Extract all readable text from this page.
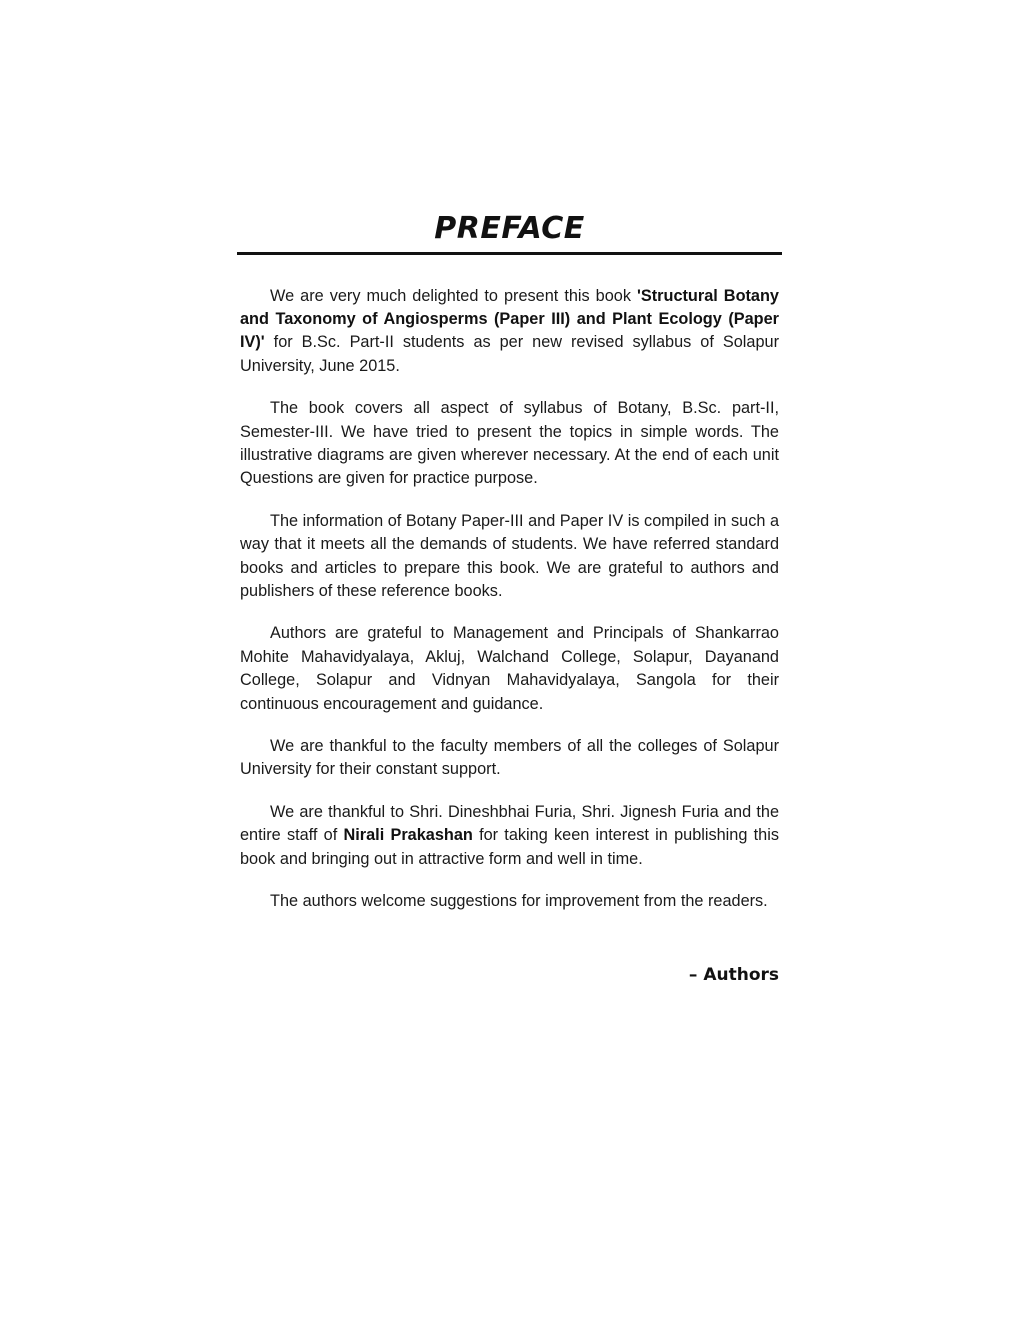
PREFACE

We are very much delighted to present this book 'Structural Botany and Taxonomy of Angiosperms (Paper III) and Plant Ecology (Paper IV)' for B.Sc. Part-II students as per new revised syllabus of Solapur University, June 2015.

The book covers all aspect of syllabus of Botany, B.Sc. part-II, Semester-III. We have tried to present the topics in simple words. The illustrative diagrams are given wherever necessary. At the end of each unit Questions are given for practice purpose.

The information of Botany Paper-III and Paper IV is compiled in such a way that it meets all the demands of students. We have referred standard books and articles to prepare this book. We are grateful to authors and publishers of these reference books.

Authors are grateful to Management and Principals of Shankarrao Mohite Mahavidyalaya, Akluj, Walchand College, Solapur, Dayanand College, Solapur and Vidnyan Mahavidyalaya, Sangola for their continuous encouragement and guidance.

We are thankful to the faculty members of all the colleges of Solapur University for their constant support.

We are thankful to Shri. Dineshbhai Furia, Shri. Jignesh Furia and the entire staff of Nirali Prakashan for taking keen interest in publishing this book and bringing out in attractive form and well in time.

The authors welcome suggestions for improvement from the readers.

– Authors
